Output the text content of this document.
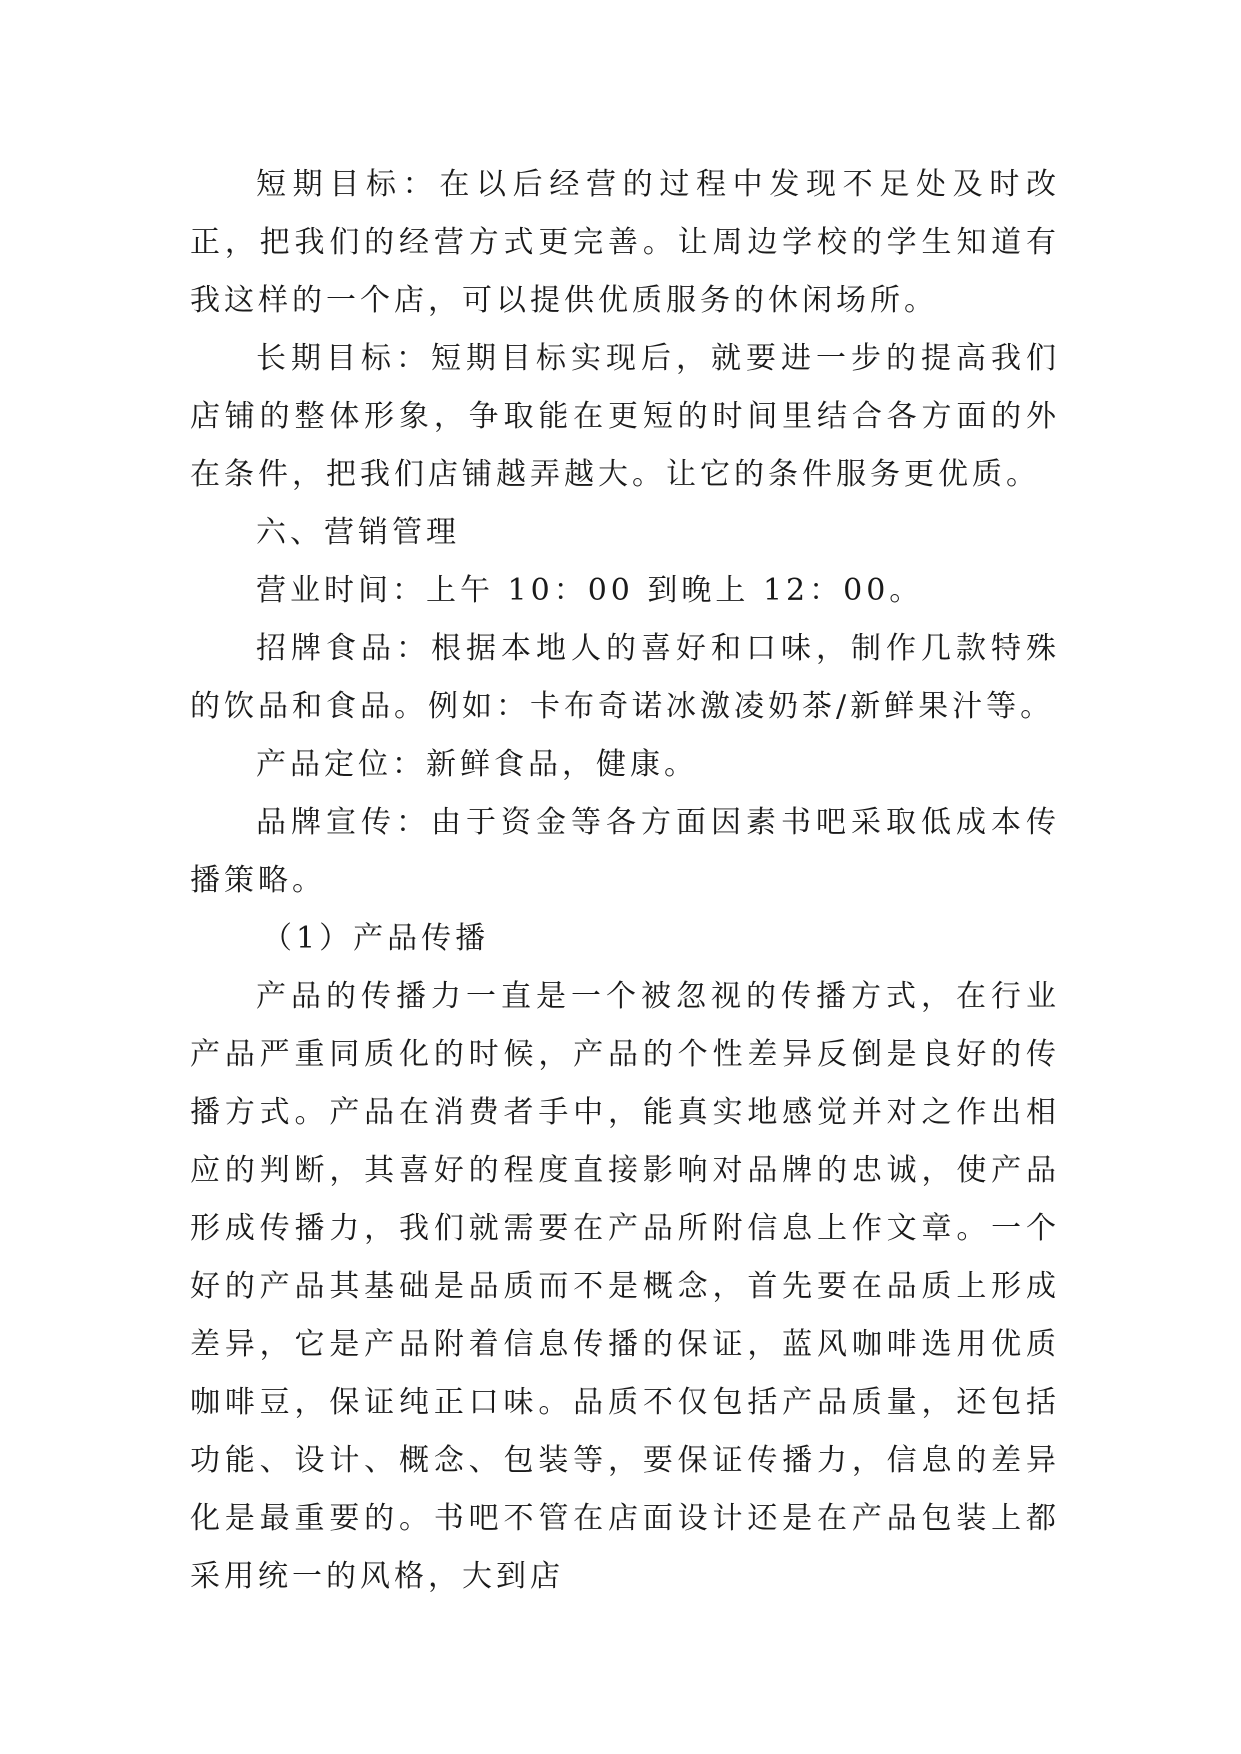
短期目标：在以后经营的过程中发现不足处及时改正，把我们的经营方式更完善。让周边学校的学生知道有我这样的一个店，可以提供优质服务的休闲场所。

长期目标：短期目标实现后，就要进一步的提高我们店铺的整体形象，争取能在更短的时间里结合各方面的外在条件，把我们店铺越弄越大。让它的条件服务更优质。

六、营销管理

营业时间：上午 10：00 到晚上 12：00。

招牌食品：根据本地人的喜好和口味，制作几款特殊的饮品和食品。例如：卡布奇诺冰激凌奶茶/新鲜果汁等。

产品定位：新鲜食品，健康。

品牌宣传：由于资金等各方面因素书吧采取低成本传播策略。

（1）产品传播

产品的传播力一直是一个被忽视的传播方式，在行业产品严重同质化的时候，产品的个性差异反倒是良好的传播方式。产品在消费者手中，能真实地感觉并对之作出相应的判断，其喜好的程度直接影响对品牌的忠诚，使产品形成传播力，我们就需要在产品所附信息上作文章。一个好的产品其基础是品质而不是概念，首先要在品质上形成差异，它是产品附着信息传播的保证，蓝风咖啡选用优质咖啡豆，保证纯正口味。品质不仅包括产品质量，还包括功能、设计、概念、包装等，要保证传播力，信息的差异化是最重要的。书吧不管在店面设计还是在产品包装上都采用统一的风格，大到店
